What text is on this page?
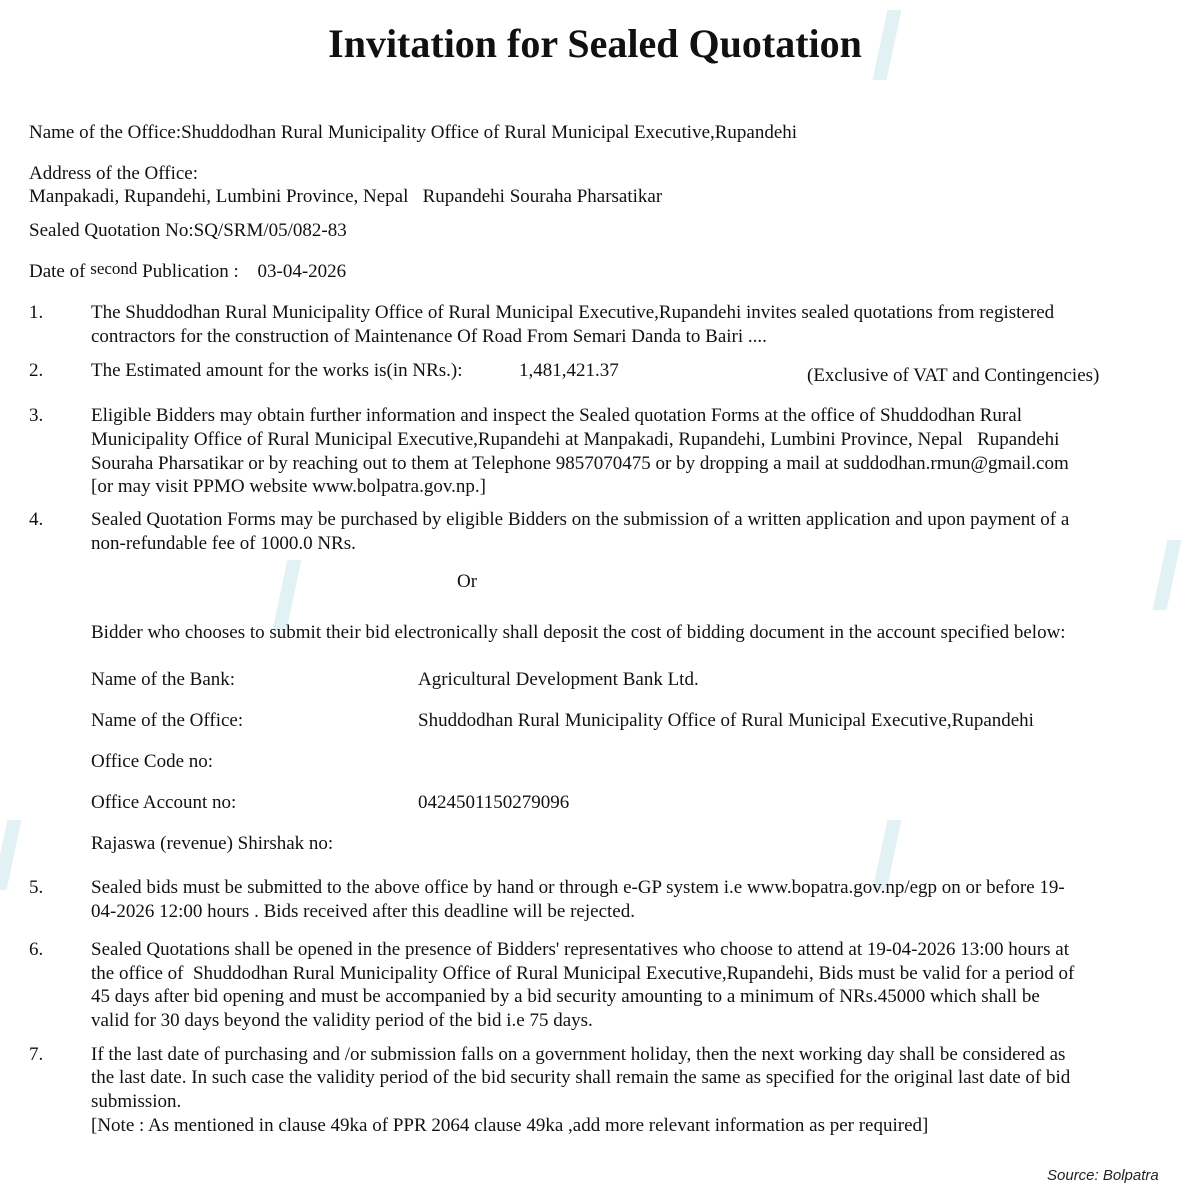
Invitation for Sealed Quotation
Name of the Office:Shuddodhan Rural Municipality Office of Rural Municipal Executive,Rupandehi
Address of the Office:
Manpakadi, Rupandehi, Lumbini Province, Nepal   Rupandehi Souraha Pharsatikar
Sealed Quotation No:SQ/SRM/05/082-83
Date of second Publication : 03-04-2026
1.	The Shuddodhan Rural Municipality Office of Rural Municipal Executive,Rupandehi invites sealed quotations from registered
contractors for the construction of Maintenance Of Road From Semari Danda to Bairi ....
2.	The Estimated amount for the works is(in NRs.):	1,481,421.37	(Exclusive of VAT and Contingencies)
3.	Eligible Bidders may obtain further information and inspect the Sealed quotation Forms at the office of Shuddodhan Rural
Municipality Office of Rural Municipal Executive,Rupandehi at Manpakadi, Rupandehi, Lumbini Province, Nepal   Rupandehi
Souraha Pharsatikar or by reaching out to them at Telephone 9857070475 or by dropping a mail at suddodhan.rmun@gmail.com
[or may visit PPMO website www.bolpatra.gov.np.]
4.	Sealed Quotation Forms may be purchased by eligible Bidders on the submission of a written application and upon payment of a
non-refundable fee of 1000.0 NRs.
Or
Bidder who chooses to submit their bid electronically shall deposit the cost of bidding document in the account specified below:
Name of the Bank:	Agricultural Development Bank Ltd.
Name of the Office:	Shuddodhan Rural Municipality Office of Rural Municipal Executive,Rupandehi
Office Code no:
Office Account no:	0424501150279096
Rajaswa (revenue) Shirshak no:
5.	Sealed bids must be submitted to the above office by hand or through e-GP system i.e www.bopatra.gov.np/egp on or before 19-
04-2026 12:00 hours . Bids received after this deadline will be rejected.
6.	Sealed Quotations shall be opened in the presence of Bidders' representatives who choose to attend at 19-04-2026 13:00 hours at
the office of  Shuddodhan Rural Municipality Office of Rural Municipal Executive,Rupandehi, Bids must be valid for a period of
45 days after bid opening and must be accompanied by a bid security amounting to a minimum of NRs.45000 which shall be
valid for 30 days beyond the validity period of the bid i.e 75 days.
7.	If the last date of purchasing and /or submission falls on a government holiday, then the next working day shall be considered as
the last date. In such case the validity period of the bid security shall remain the same as specified for the original last date of bid
submission.
[Note : As mentioned in clause 49ka of PPR 2064 clause 49ka ,add more relevant information as per required]
Source: Bolpatra
